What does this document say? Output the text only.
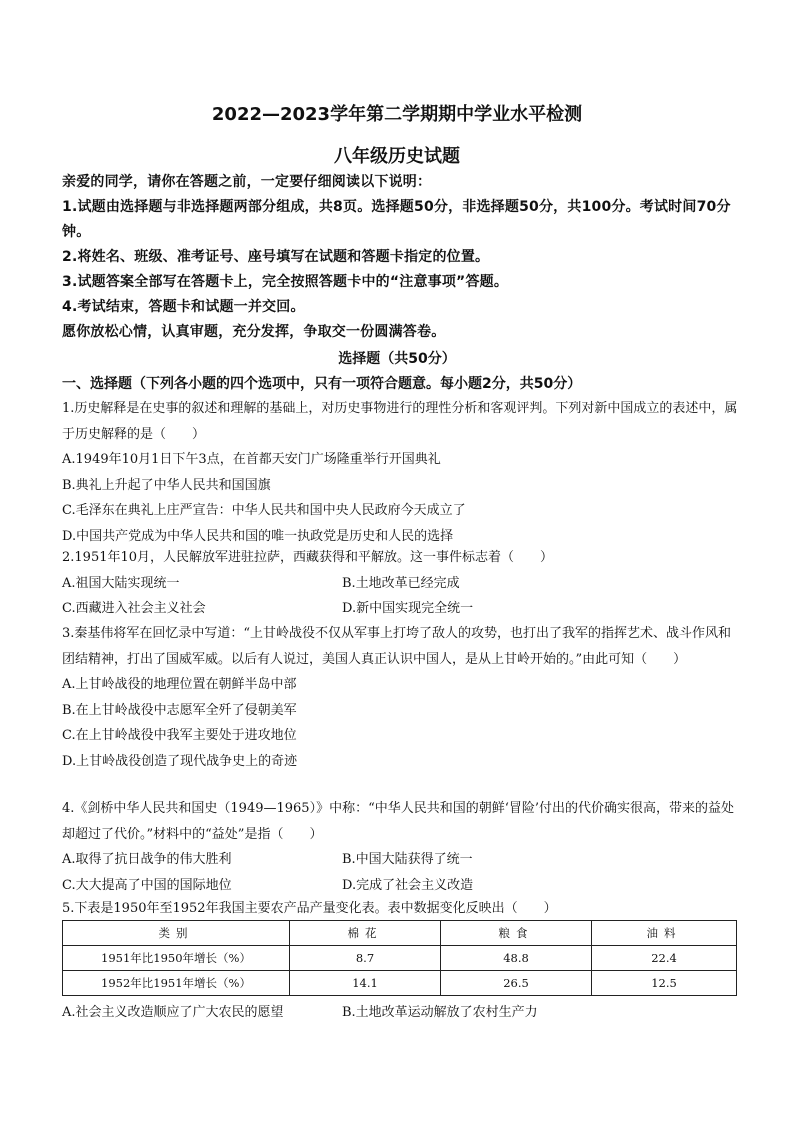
2022—2023学年第二学期期中学业水平检测
八年级历史试题

亲爱的同学，请你在答题之前，一定要仔细阅读以下说明：

1.试题由选择题与非选择题两部分组成，共8页。选择题50分，非选择题50分，共100分。考试时间70分钟。

2.将姓名、班级、准考证号、座号填写在试题和答题卡指定的位置。

3.试题答案全部写在答题卡上，完全按照答题卡中的“注意事项”答题。

4.考试结束，答题卡和试题一并交回。

愿你放松心情，认真审题，充分发挥，争取交一份圆满答卷。

选择题（共50分）
一、选择题（下列各小题的四个选项中，只有一项符合题意。每小题2分，共50分）

1.历史解释是在史事的叙述和理解的基础上，对历史事物进行的理性分析和客观评判。下列对新中国成立的表述中，属于历史解释的是（　　）

A.1949年10月1日下午3点，在首都天安门广场隆重举行开国典礼

B.典礼上升起了中华人民共和国国旗

C.毛泽东在典礼上庄严宣告：中华人民共和国中央人民政府今天成立了

D.中国共产党成为中华人民共和国的唯一执政党是历史和人民的选择

2.1951年10月，人民解放军进驻拉萨，西藏获得和平解放。这一事件标志着（　　）

A.祖国大陆实现统一	B.土地改革已经完成
C.西藏进入社会主义社会	D.新中国实现完全统一

3.秦基伟将军在回忆录中写道：“上甘岭战役不仅从军事上打垮了敌人的攻势，也打出了我军的指挥艺术、战斗作风和团结精神，打出了国威军威。以后有人说过，美国人真正认识中国人，是从上甘岭开始的。”由此可知（　　）

A.上甘岭战役的地理位置在朝鲜半岛中部

B.在上甘岭战役中志愿军全歼了侵朝美军

C.在上甘岭战役中我军主要处于进攻地位

D.上甘岭战役创造了现代战争史上的奇迹

4.《剑桥中华人民共和国史（1949—1965）》中称：“中华人民共和国的朝鲜‘冒险’付出的代价确实很高，带来的益处却超过了代价。”材料中的“益处”是指（　　）

A.取得了抗日战争的伟大胜利	B.中国大陆获得了统一
C.大大提高了中国的国际地位	D.完成了社会主义改造

5.下表是1950年至1952年我国主要农产品产量变化表。表中数据变化反映出（　　）

类别	棉花	粮食	油料
1951年比1950年增长（%）	8.7	48.8	22.4
1952年比1951年增长（%）	14.1	26.5	12.5
A.社会主义改造顺应了广大农民的愿望	B.土地改革运动解放了农村生产力
